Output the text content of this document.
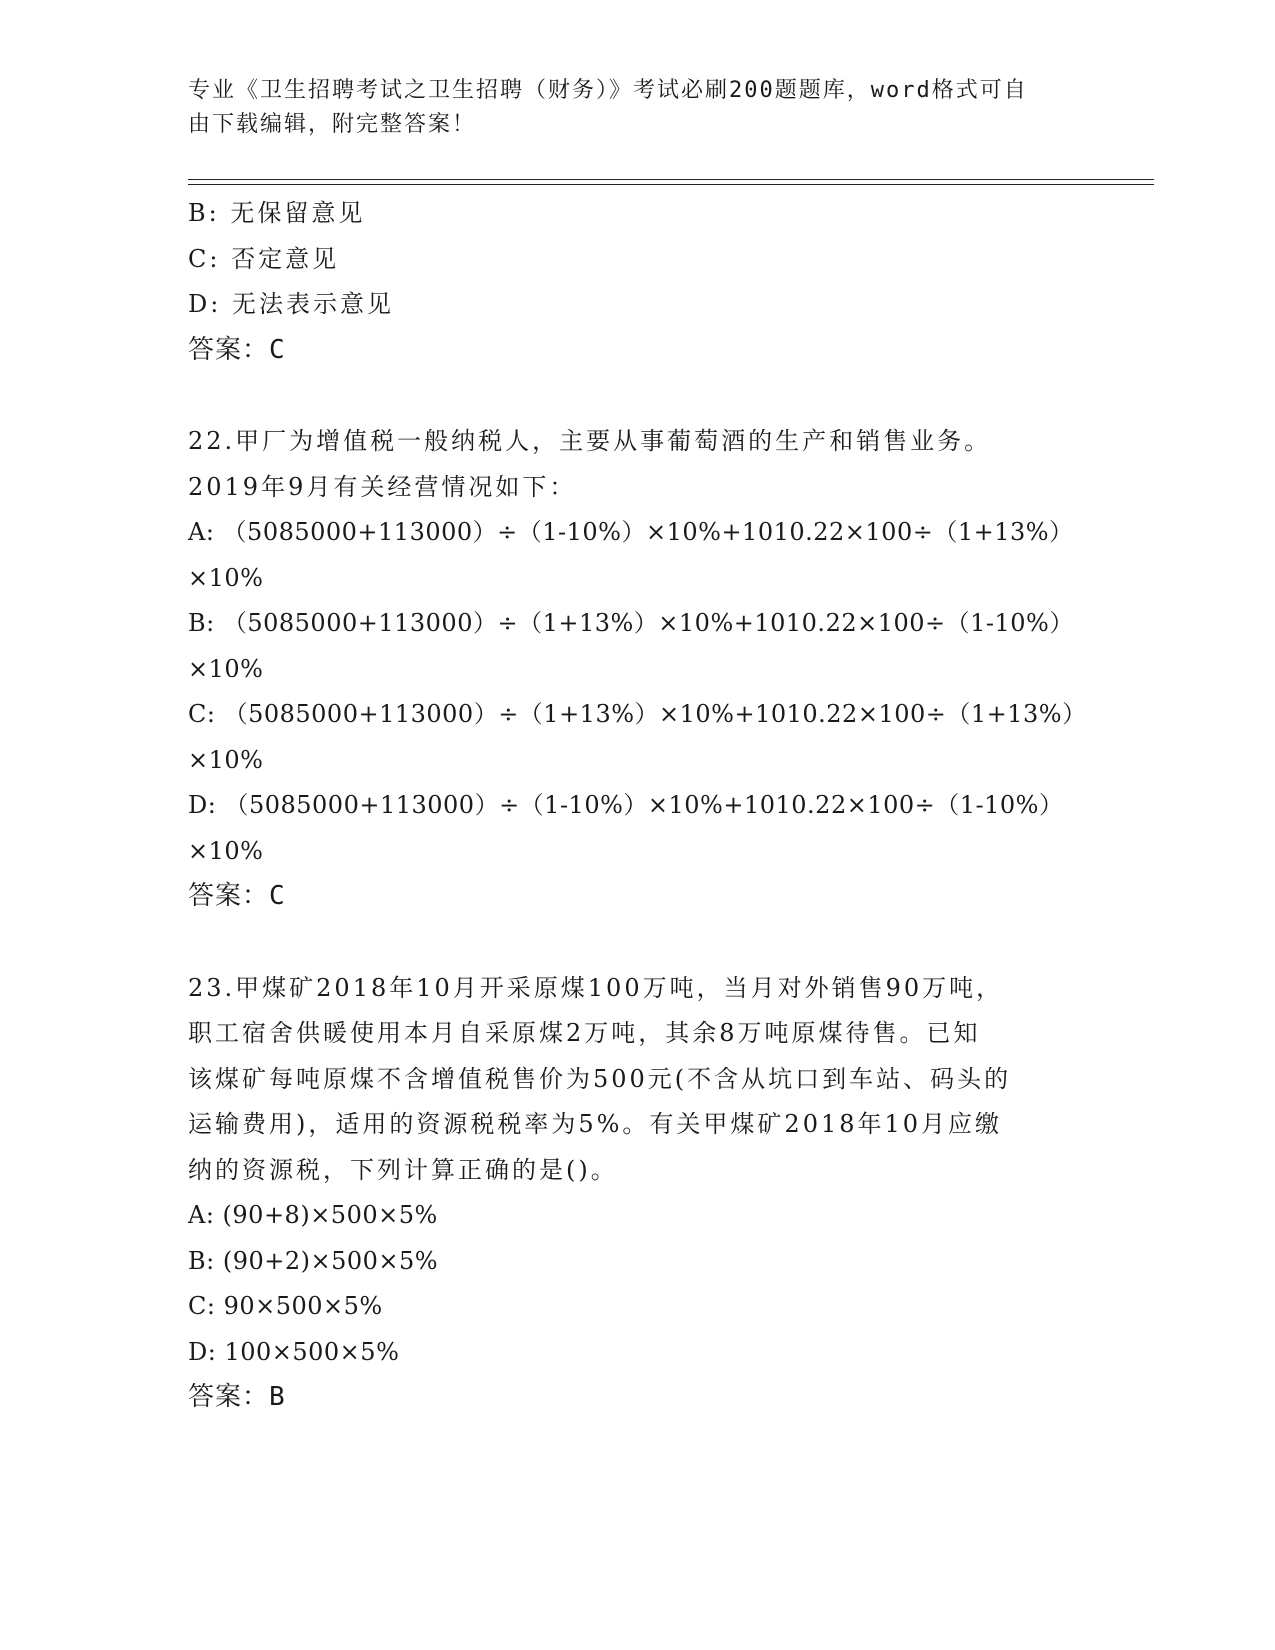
专业《卫生招聘考试之卫生招聘（财务）》考试必刷200题题库，word格式可自
由下载编辑，附完整答案！
B: 无保留意见
C: 否定意见
D: 无法表示意见
答案：C
22.甲厂为增值税一般纳税人，主要从事葡萄酒的生产和销售业务。
2019年9月有关经营情况如下：
A: （5085000+113000）÷（1-10%）×10%+1010.22×100÷（1+13%）
×10%
B: （5085000+113000）÷（1+13%）×10%+1010.22×100÷（1-10%）
×10%
C: （5085000+113000）÷（1+13%）×10%+1010.22×100÷（1+13%）
×10%
D: （5085000+113000）÷（1-10%）×10%+1010.22×100÷（1-10%）
×10%
答案：C
23.甲煤矿2018年10月开采原煤100万吨，当月对外销售90万吨，
职工宿舍供暖使用本月自采原煤2万吨，其余8万吨原煤待售。已知
该煤矿每吨原煤不含增值税售价为500元(不含从坑口到车站、码头的
运输费用)，适用的资源税税率为5%。有关甲煤矿2018年10月应缴
纳的资源税，下列计算正确的是()。
A: (90+8)×500×5%
B: (90+2)×500×5%
C: 90×500×5%
D: 100×500×5%
答案：B
